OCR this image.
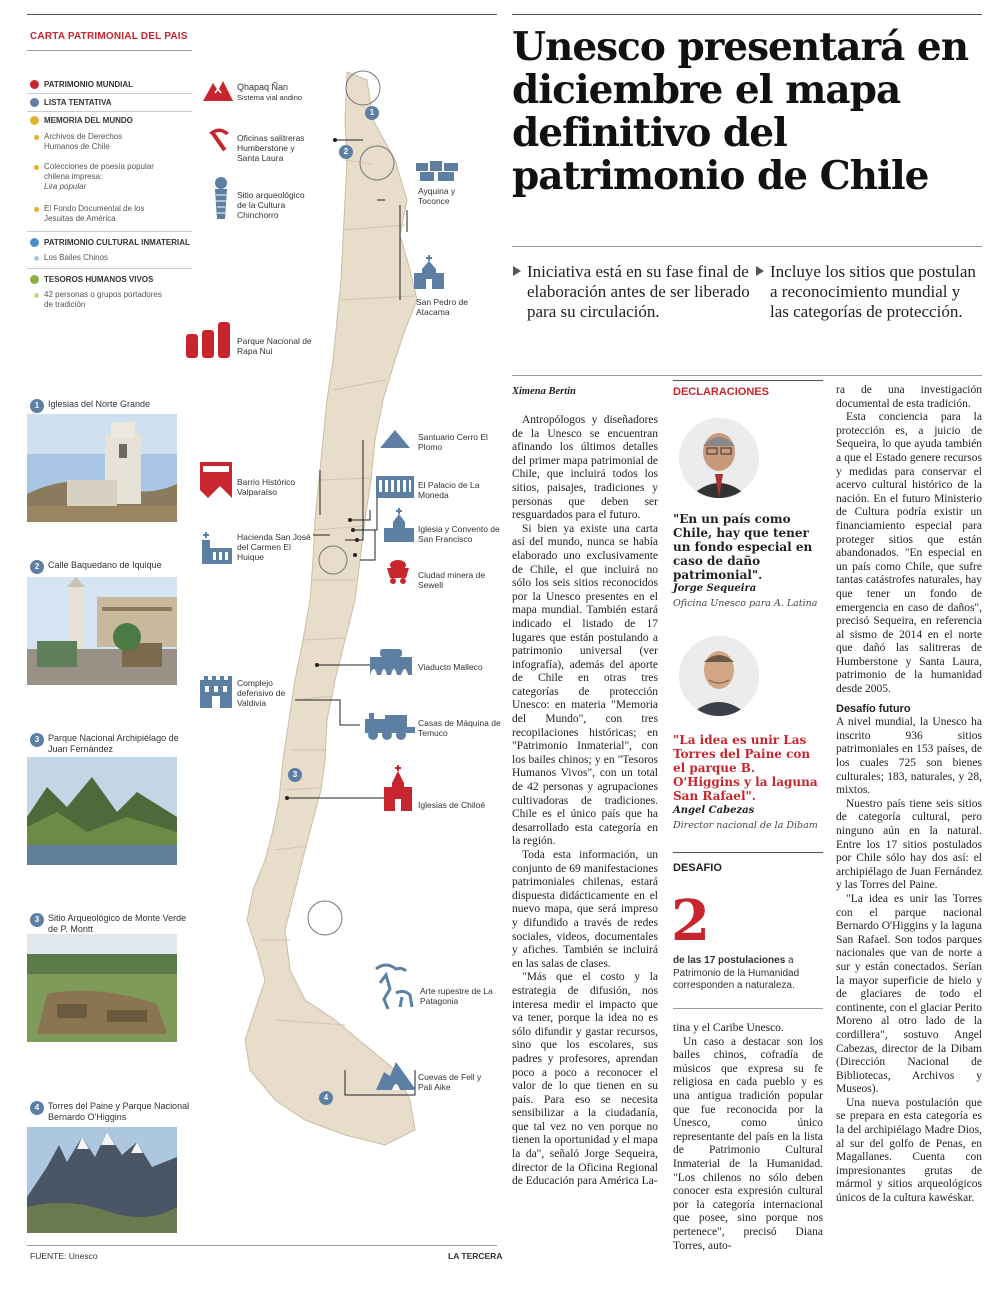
CARTA PATRIMONIAL DEL PAIS
PATRIMONIO MUNDIAL
LISTA TENTATIVA
MEMORIA DEL MUNDO
Archivos de Derechos Humanos de Chile
Colecciones de poesía popular chilena impresa:
Lira popular
El Fondo Documental de los Jesuitas de América
PATRIMONIO CULTURAL INMATERIAL
Los Bailes Chinos
TESOROS HUMANOS VIVOS
42 personas o grupos portadores de tradición
1
2
3
4
Qhapaq Ñan
Sistema vial andino
Oficinas salitreras Humberstone y Santa Laura
Sitio arqueológico de la Cultura Chinchorro
Ayquina y Toconce
San Pedro de Atacama
Parque Nacional de Rapa Nui
Santuario Cerro El Plomo
Barrio Histórico Valparaíso
El Palacio de La Moneda
Hacienda San José del Carmen El Huique
Iglesia y Convento de San Francisco
Ciudad minera de Sewell
Viaducto Malleco
Complejo defensivo de Valdivia
Casas de Máquina de Temuco
Iglesias de Chiloé
Arte rupestre de La Patagonia
Cuevas de Fell y Pali Aike
1 Iglesias del Norte Grande
2 Calle Baquedano de Iquique
3 Parque Nacional Archipiélago de Juan Fernández
3 Sitio Arqueológico de Monte Verde de P. Montt
4 Torres del Paine y Parque Nacional Bernardo O'Higgins
Unesco presentará en diciembre el mapa definitivo del patrimonio de Chile
Iniciativa está en su fase final de elaboración antes de ser liberado para su circulación.
Incluye los sitios que postulan a reconocimiento mundial y las categorías de protección.
Ximena Bertin

Antropólogos y diseñadores de la Unesco se encuentran afinando los últimos detalles del primer mapa patrimonial de Chile, que incluirá todos los sitios, paisajes, tradiciones y personas que deben ser resguardados para el futuro.

Si bien ya existe una carta así del mundo, nunca se había elaborado uno exclusivamente de Chile, el que incluirá no sólo los seis sitios reconocidos por la Unesco presentes en el mapa mundial. También estará indicado el listado de 17 lugares que están postulando a patrimonio universal (ver infografía), además del aporte de Chile en otras tres categorías de protección Unesco: en materia "Memoria del Mundo", con tres recopilaciones históricas; en "Patrimonio Inmaterial", con los bailes chinos; y en "Tesoros Humanos Vivos", con un total de 42 personas y agrupaciones cultivadoras de tradiciones. Chile es el único país que ha desarrollado esta categoría en la región.

Toda esta información, un conjunto de 69 manifestaciones patrimoniales chilenas, estará dispuesta didácticamente en el nuevo mapa, que será impreso y difundido a través de redes sociales, videos, documentales y afiches. También se incluirá en las salas de clases.

"Más que el costo y la estrategia de difusión, nos interesa medir el impacto que va tener, porque la idea no es sólo difundir y gastar recursos, sino que los escolares, sus padres y profesores, aprendan poco a poco a reconocer el valor de lo que tienen en su país. Para eso se necesita sensibilizar a la ciudadanía, que tal vez no ven porque no tienen la oportunidad y el mapa la da", señaló Jorge Sequeira, director de la Oficina Regional de Educación para América La-

DECLARACIONES
"En un país como Chile, hay que tener un fondo especial en caso de daño patrimonial".
Jorge Sequeira
Oficina Unesco para A. Latina
"La idea es unir Las Torres del Paine con el parque B. O'Higgins y la laguna San Rafael".
Angel Cabezas
Director nacional de la Dibam
DESAFIO
2
de las 17 postulaciones a Patrimonio de la Humanidad corresponden a naturaleza.

tina y el Caribe Unesco.

Un caso a destacar son los bailes chinos, cofradía de músicos que expresa su fe religiosa en cada pueblo y es una antigua tradición popular que fue reconocida por la Unesco, como único representante del país en la lista de Patrimonio Cultural Inmaterial de la Humanidad. "Los chilenos no sólo deben conocer esta expresión cultural por la categoría internacional que posee, sino porque nos pertenece", precisó Diana Torres, auto-

ra de una investigación documental de esta tradición.

Esta conciencia para la protección es, a juicio de Sequeira, lo que ayuda también a que el Estado genere recursos y medidas para conservar el acervo cultural histórico de la nación. En el futuro Ministerio de Cultura podría existir un financiamiento especial para proteger sitios que están abandonados. "En especial en un país como Chile, que sufre tantas catástrofes naturales, hay que tener un fondo de emergencia en caso de daños", precisó Sequeira, en referencia al sismo de 2014 en el norte que dañó las salitreras de Humberstone y Santa Laura, patrimonio de la humanidad desde 2005.

Desafío futuro

A nivel mundial, la Unesco ha inscrito 936 sitios patrimoniales en 153 países, de los cuales 725 son bienes culturales; 183, naturales, y 28, mixtos.

Nuestro país tiene seis sitios de categoría cultural, pero ninguno aún en la natural. Entre los 17 sitios postulados por Chile sólo hay dos así: el archipiélago de Juan Fernández y las Torres del Paine.

"La idea es unir las Torres con el parque nacional Bernardo O'Higgins y la laguna San Rafael. Son todos parques nacionales que van de norte a sur y están conectados. Serían la mayor superficie de hielo y de glaciares de todo el continente, con el glaciar Perito Moreno al otro lado de la cordillera", sostuvo Angel Cabezas, director de la Dibam (Dirección Nacional de Bibliotecas, Archivos y Museos).

Una nueva postulación que se prepara en esta categoría es la del archipiélago Madre Dios, al sur del golfo de Penas, en Magallanes. Cuenta con impresionantes grutas de mármol y sitios arqueológicos únicos de la cultura kawéskar.

FUENTE: Unesco	LA TERCERA
